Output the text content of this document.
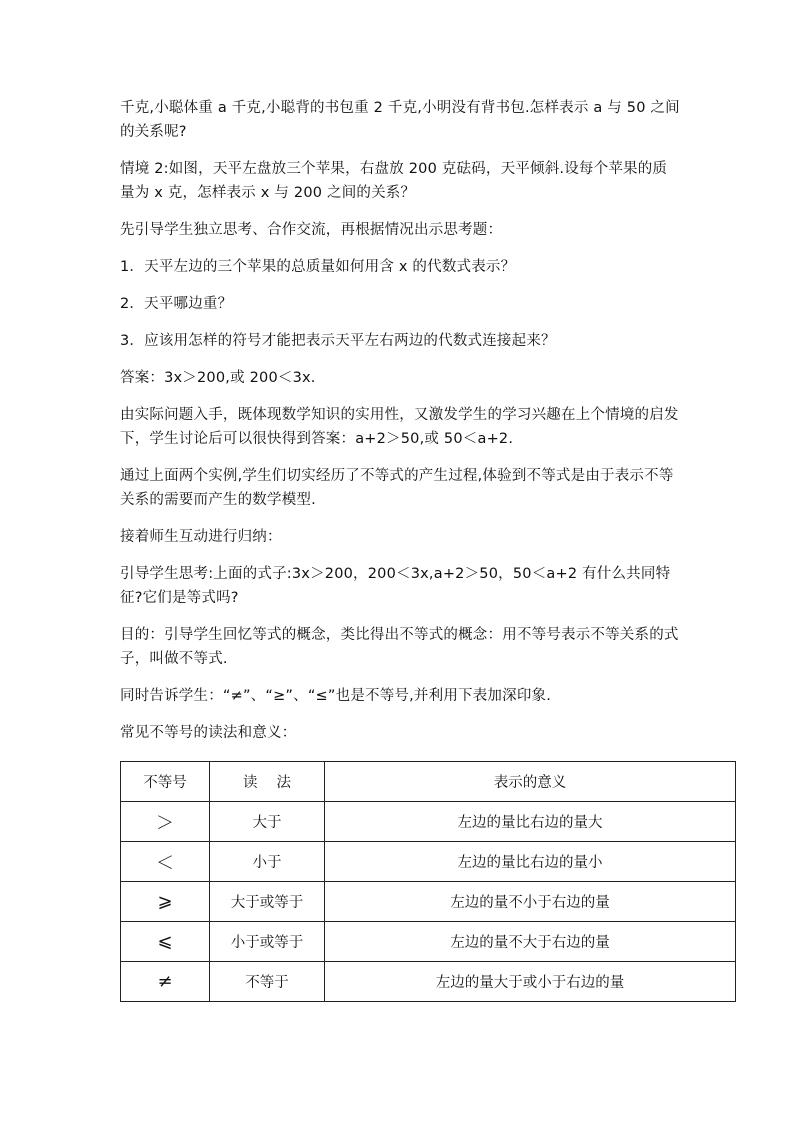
千克,小聪体重 a 千克,小聪背的书包重 2 千克,小明没有背书包.怎样表示 a 与 50 之间的关系呢?

情境 2:如图，天平左盘放三个苹果，右盘放 200 克砝码，天平倾斜.设每个苹果的质量为 x 克，怎样表示 x 与 200 之间的关系？

先引导学生独立思考、合作交流，再根据情况出示思考题：

1．天平左边的三个苹果的总质量如何用含 x 的代数式表示？

2．天平哪边重？

3．应该用怎样的符号才能把表示天平左右两边的代数式连接起来？

答案：3x＞200,或 200＜3x.

由实际问题入手，既体现数学知识的实用性，又激发学生的学习兴趣在上个情境的启发下，学生讨论后可以很快得到答案：a+2＞50,或 50＜a+2.

通过上面两个实例,学生们切实经历了不等式的产生过程,体验到不等式是由于表示不等关系的需要而产生的数学模型.

接着师生互动进行归纳：

引导学生思考:上面的式子:3x＞200，200＜3x,a+2＞50，50＜a+2 有什么共同特征?它们是等式吗?

目的：引导学生回忆等式的概念，类比得出不等式的概念：用不等号表示不等关系的式子，叫做不等式.

同时告诉学生：“≠”、“≥”、“≤”也是不等号,并利用下表加深印象.

常见不等号的读法和意义：

不等号	读　 法	表示的意义
＞	大于	左边的量比右边的量大
＜	小于	左边的量比右边的量小
⩾	大于或等于	左边的量不小于右边的量
⩽	小于或等于	左边的量不大于右边的量
≠	不等于	左边的量大于或小于右边的量
